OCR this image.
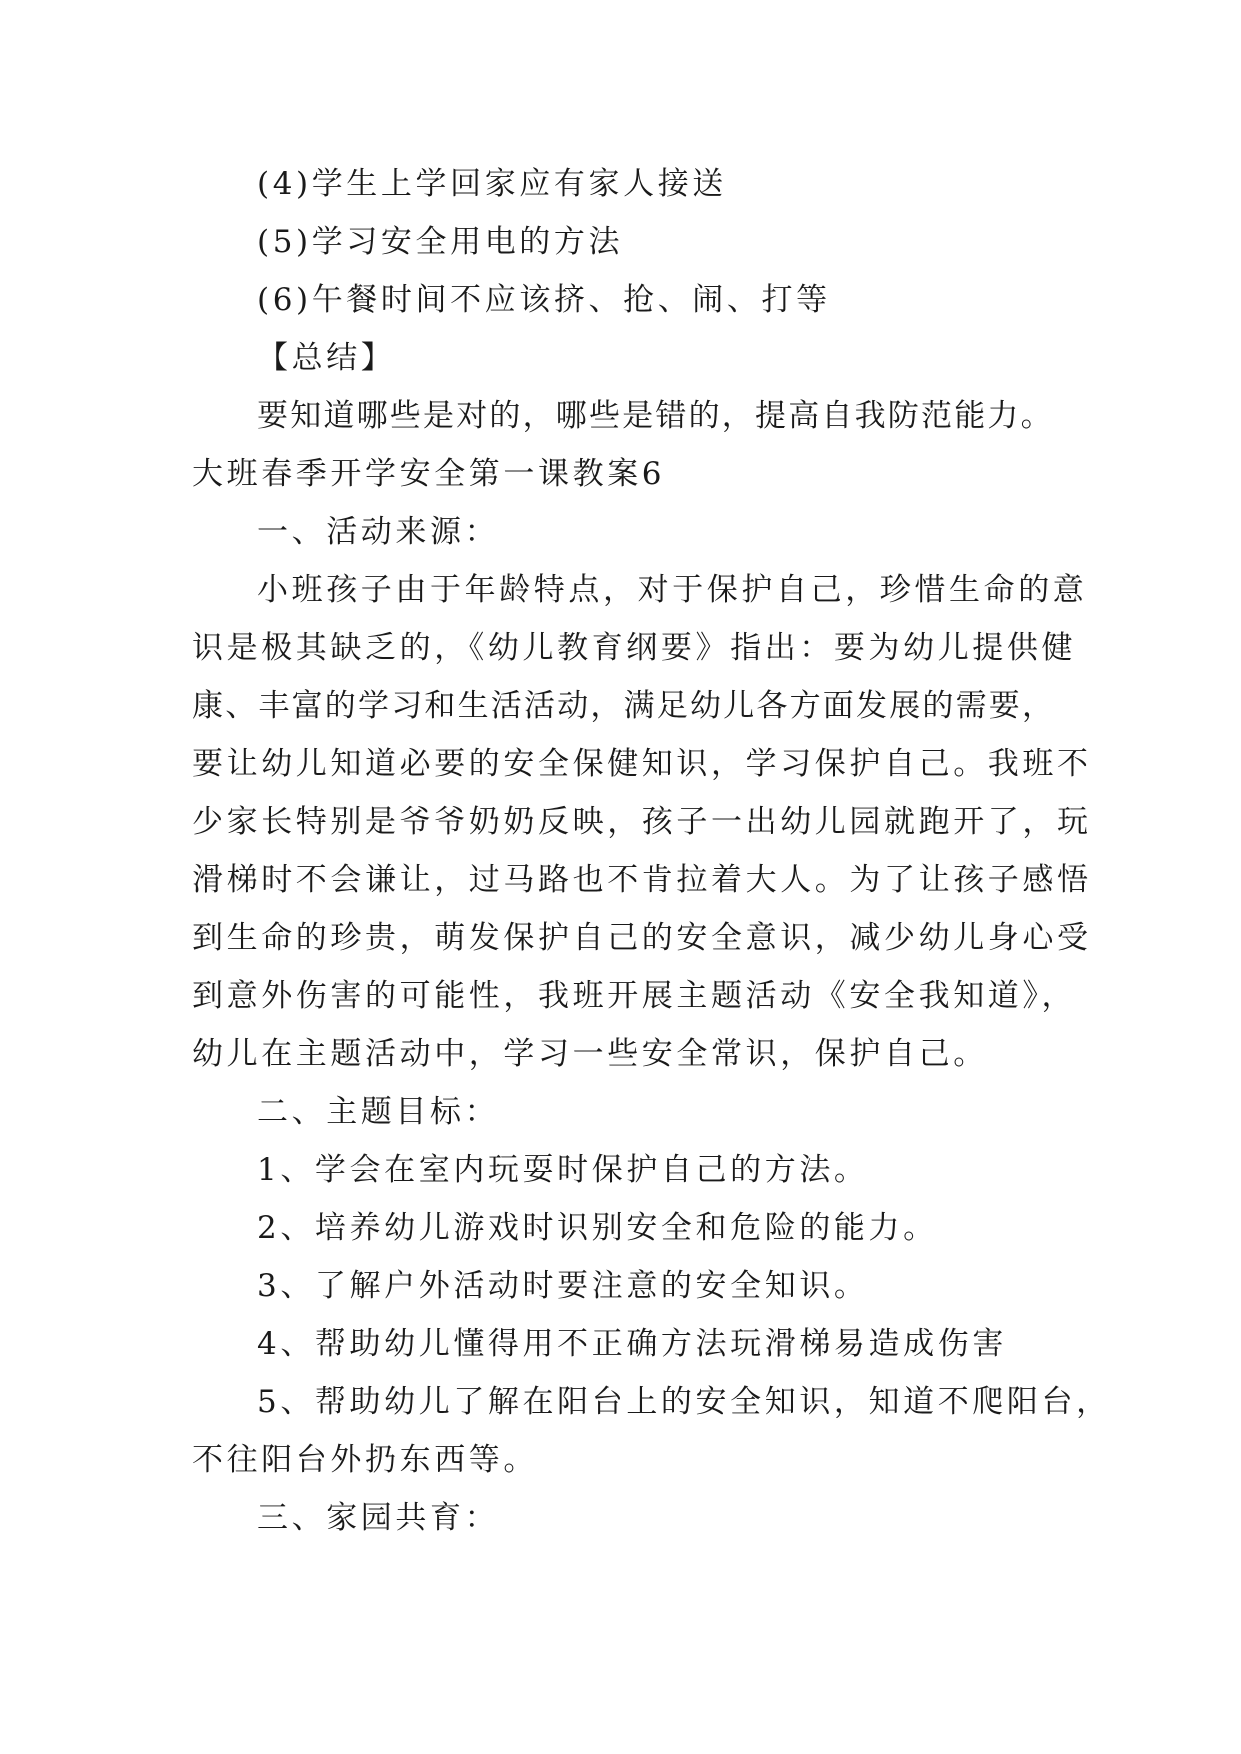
(4)学生上学回家应有家人接送
(5)学习安全用电的方法
(6)午餐时间不应该挤、抢、闹、打等
【总结】
要知道哪些是对的，哪些是错的，提高自我防范能力。
大班春季开学安全第一课教案6
一、活动来源：
小班孩子由于年龄特点，对于保护自己，珍惜生命的意
识是极其缺乏的，《幼儿教育纲要》指出：要为幼儿提供健
康、丰富的学习和生活活动，满足幼儿各方面发展的需要，
要让幼儿知道必要的安全保健知识，学习保护自己。我班不
少家长特别是爷爷奶奶反映，孩子一出幼儿园就跑开了，玩
滑梯时不会谦让，过马路也不肯拉着大人。为了让孩子感悟
到生命的珍贵，萌发保护自己的安全意识，减少幼儿身心受
到意外伤害的可能性，我班开展主题活动《安全我知道》，
幼儿在主题活动中，学习一些安全常识，保护自己。
二、主题目标：
1、学会在室内玩耍时保护自己的方法。
2、培养幼儿游戏时识别安全和危险的能力。
3、了解户外活动时要注意的安全知识。
4、帮助幼儿懂得用不正确方法玩滑梯易造成伤害
5、帮助幼儿了解在阳台上的安全知识，知道不爬阳台，
不往阳台外扔东西等。
三、家园共育：
